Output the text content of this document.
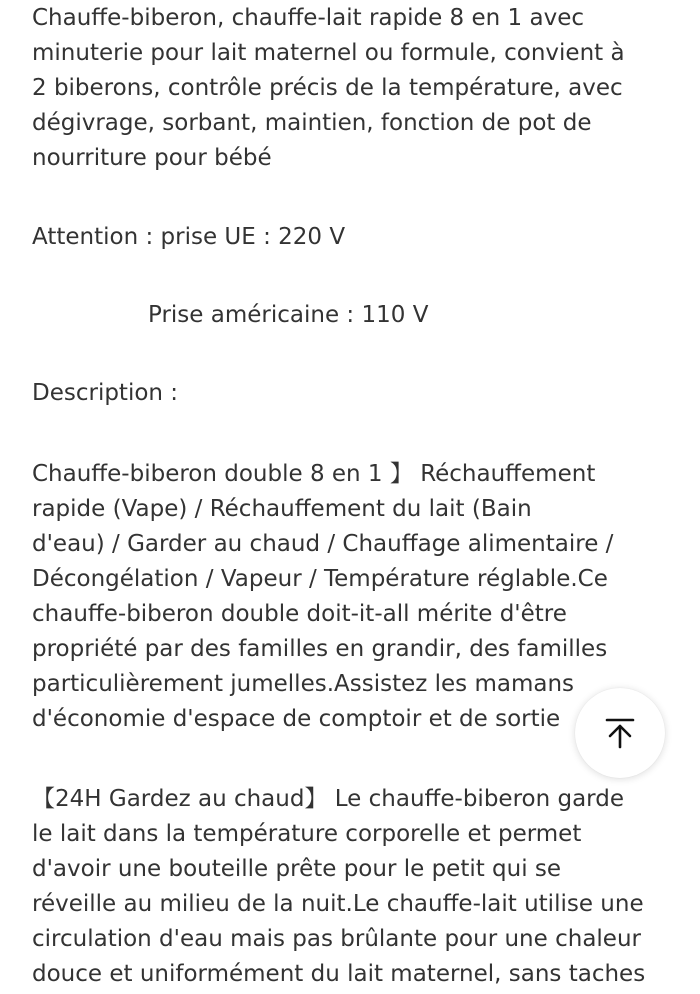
Chauffe-biberon, chauffe-lait rapide 8 en 1 avec
minuterie pour lait maternel ou formule, convient à
2 biberons, contrôle précis de la température, avec
dégivrage, sorbant, maintien, fonction de pot de
nourriture pour bébé

Attention : prise UE : 220 V

Prise américaine : 110 V

Description :

Chauffe-biberon double 8 en 1 】 Réchauffement
rapide (Vape) / Réchauffement du lait (Bain
d'eau) / Garder au chaud / Chauffage alimentaire /
Décongélation / Vapeur / Température réglable.Ce
chauffe-biberon double doit-it-all mérite d'être
propriété par des familles en grandir, des familles
particulièrement jumelles.Assistez les mamans
d'économie d'espace de comptoir et de sortie

【24H Gardez au chaud】 Le chauffe-biberon garde
le lait dans la température corporelle et permet
d'avoir une bouteille prête pour le petit qui se
réveille au milieu de la nuit.Le chauffe-lait utilise une
circulation d'eau mais pas brûlante pour une chaleur
douce et uniformément du lait maternel, sans taches
